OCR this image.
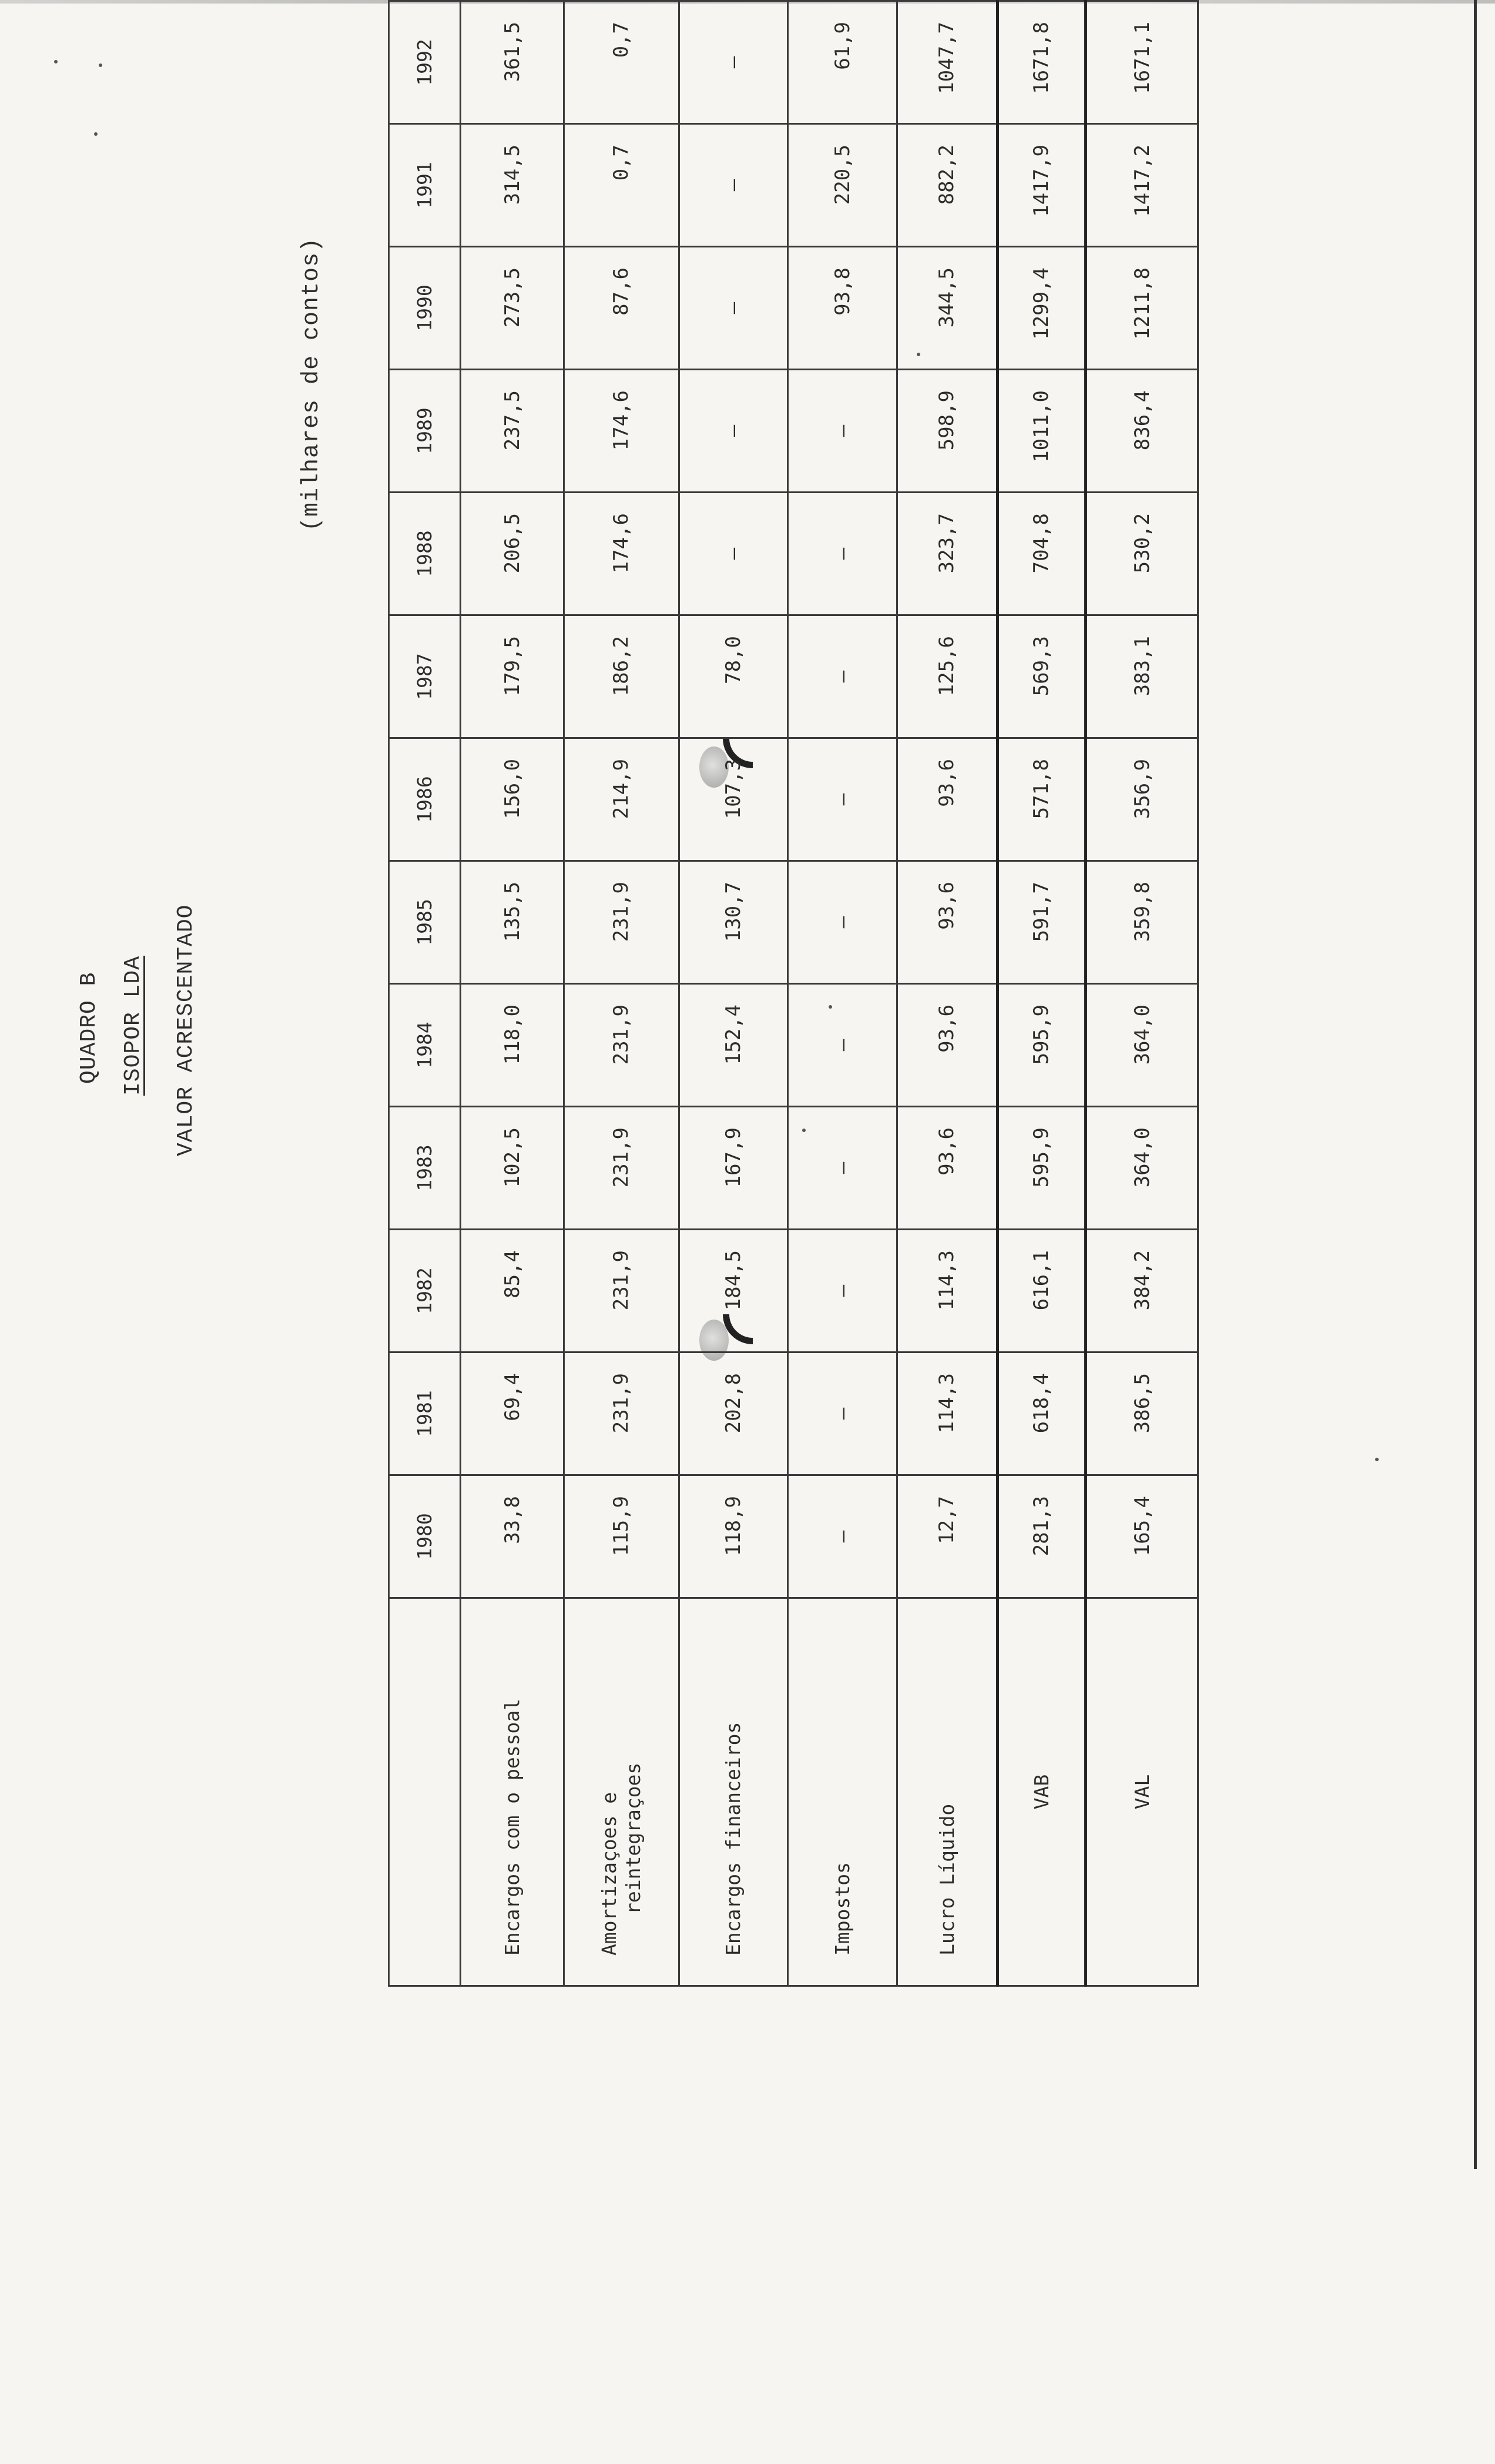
QUADRO B ISOPOR LDA VALOR ACRESCENTADO
(milhares de contos)
	1980	1981	1982	1983	1984	1985	1986	1987	1988	1989	1990	1991	1992
Encargos com o pessoal	33,8	69,4	85,4	102,5	118,0	135,5	156,0	179,5	206,5	237,5	273,5	314,5	361,5
Amortizaçoes e
reintegraçoes	115,9	231,9	231,9	231,9	231,9	231,9	214,9	186,2	174,6	174,6	87,6	0,7	0,7
Encargos financeiros	118,9	202,8	184,5	167,9	152,4	130,7	107,3	78,0	—	—	—	—	—
Impostos	—	—	—	—	—	—	—	—	—	—	93,8	220,5	61,9
Lucro Líquido	12,7	114,3	114,3	93,6	93,6	93,6	93,6	125,6	323,7	598,9	344,5	882,2	1047,7
VAB	281,3	618,4	616,1	595,9	595,9	591,7	571,8	569,3	704,8	1011,0	1299,4	1417,9	1671,8
VAL	165,4	386,5	384,2	364,0	364,0	359,8	356,9	383,1	530,2	836,4	1211,8	1417,2	1671,1
